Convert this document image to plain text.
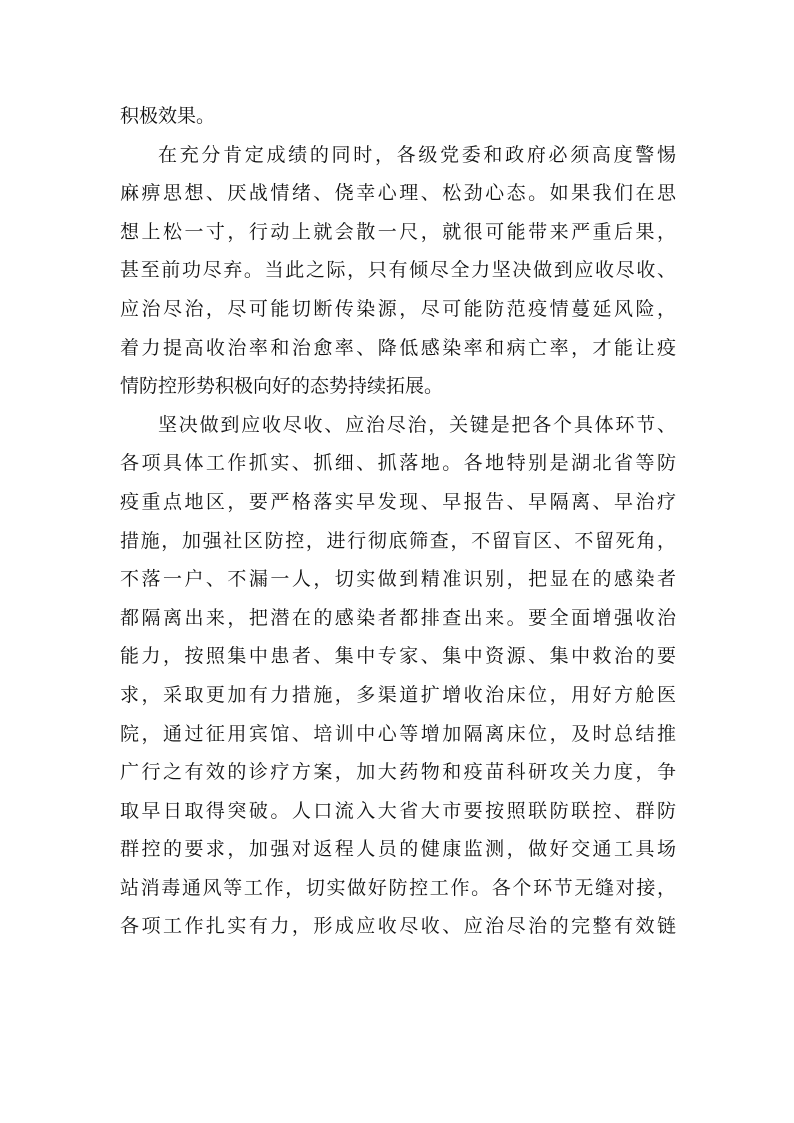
积极效果。
在充分肯定成绩的同时，各级党委和政府必须高度警惕
麻痹思想、厌战情绪、侥幸心理、松劲心态。如果我们在思
想上松一寸，行动上就会散一尺，就很可能带来严重后果，
甚至前功尽弃。当此之际，只有倾尽全力坚决做到应收尽收、
应治尽治，尽可能切断传染源，尽可能防范疫情蔓延风险，
着力提高收治率和治愈率、降低感染率和病亡率，才能让疫
情防控形势积极向好的态势持续拓展。
坚决做到应收尽收、应治尽治，关键是把各个具体环节、
各项具体工作抓实、抓细、抓落地。各地特别是湖北省等防
疫重点地区，要严格落实早发现、早报告、早隔离、早治疗
措施，加强社区防控，进行彻底筛查，不留盲区、不留死角，
不落一户、不漏一人，切实做到精准识别，把显在的感染者
都隔离出来，把潜在的感染者都排查出来。要全面增强收治
能力，按照集中患者、集中专家、集中资源、集中救治的要
求，采取更加有力措施，多渠道扩增收治床位，用好方舱医
院，通过征用宾馆、培训中心等增加隔离床位，及时总结推
广行之有效的诊疗方案，加大药物和疫苗科研攻关力度，争
取早日取得突破。人口流入大省大市要按照联防联控、群防
群控的要求，加强对返程人员的健康监测，做好交通工具场
站消毒通风等工作，切实做好防控工作。各个环节无缝对接，
各项工作扎实有力，形成应收尽收、应治尽治的完整有效链
